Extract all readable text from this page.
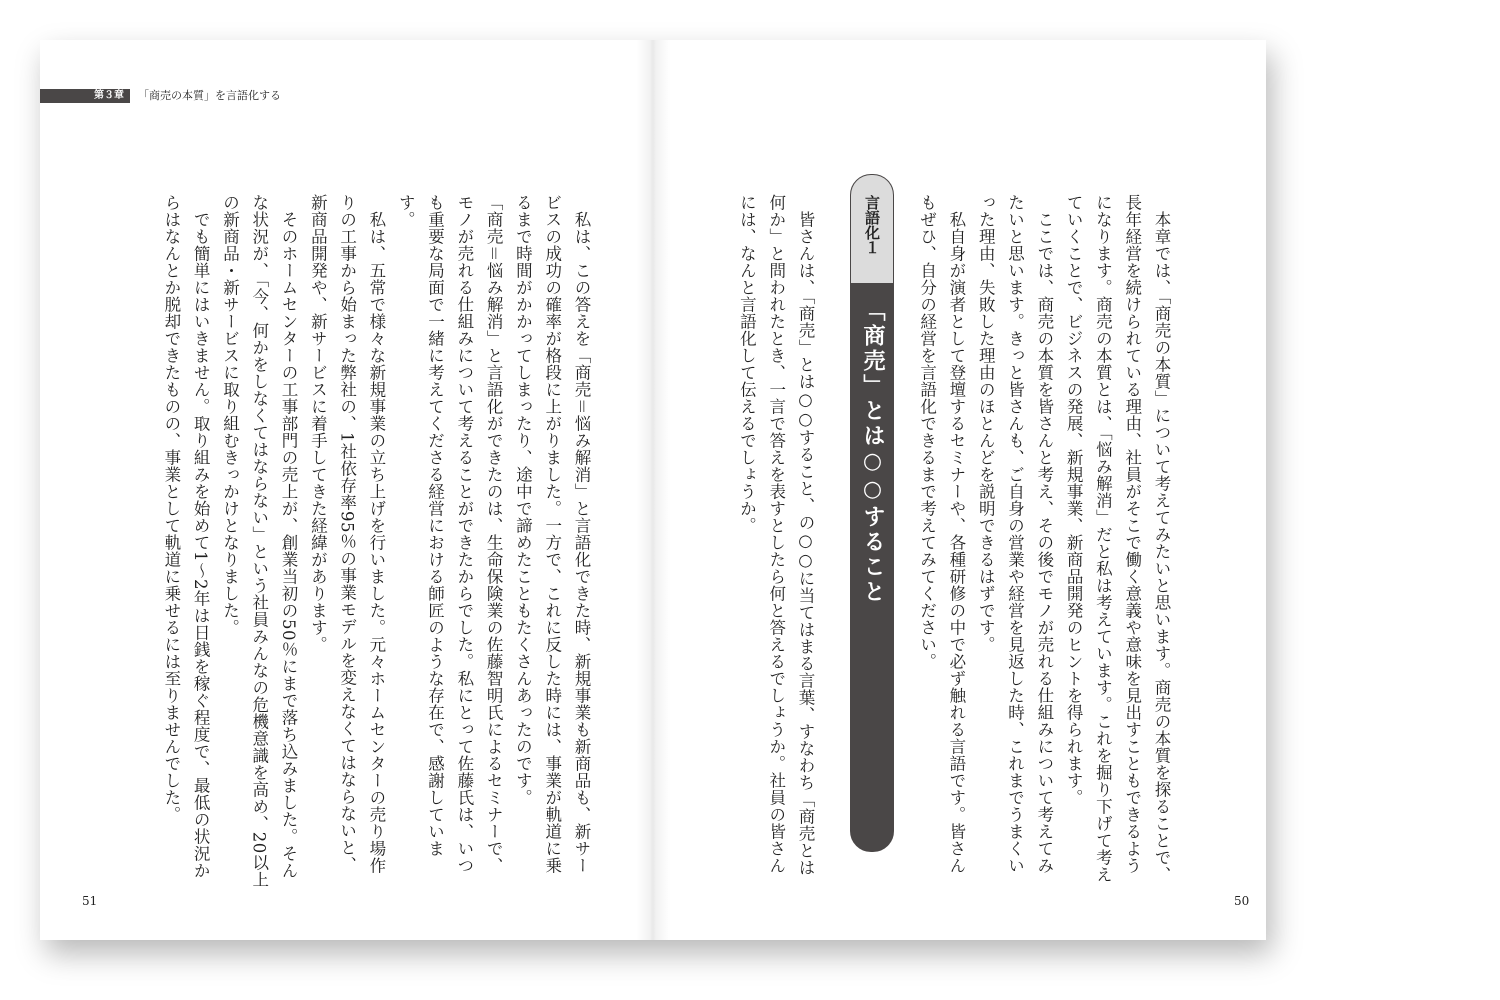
第３章 「商売の本質」を言語化する

私は、この答えを「商売＝悩み解消」と言語化できた時、新規事業も新商品も、新サービスの成功の確率が格段に上がりました。一方で、これに反した時には、事業が軌道に乗るまで時間がかかってしまったり、途中で諦めたこともたくさんあったのです。

「商売＝悩み解消」と言語化ができたのは、生命保険業の佐藤智明氏によるセミナーで、モノが売れる仕組みについて考えることができたからでした。私にとって佐藤氏は、いつも重要な局面で一緒に考えてくださる経営における師匠のような存在で、感謝しています。

私は、五常で様々な新規事業の立ち上げを行いました。元々ホームセンターの売り場作りの工事から始まった弊社の、1社依存率95％の事業モデルを変えなくてはならないと、新商品開発や、新サービスに着手してきた経緯があります。

そのホームセンターの工事部門の売上が、創業当初の50％にまで落ち込みました。そんな状況が、「今、何かをしなくてはならない」という社員みんなの危機意識を高め、20以上の新商品・新サービスに取り組むきっかけとなりました。

でも簡単にはいきません。取り組みを始めて1〜2年は日銭を稼ぐ程度で、最低の状況からはなんとか脱却できたものの、事業として軌道に乗せるには至りませんでした。

51

本章では、「商売の本質」について考えてみたいと思います。商売の本質を探ることで、長年経営を続けられている理由、社員がそこで働く意義や意味を見出すこともできるようになります。商売の本質とは、「悩み解消」だと私は考えています。これを掘り下げて考えていくことで、ビジネスの発展、新規事業、新商品開発のヒントを得られます。

ここでは、商売の本質を皆さんと考え、その後でモノが売れる仕組みについて考えてみたいと思います。きっと皆さんも、ご自身の営業や経営を見返した時、これまでうまくいった理由、失敗した理由のほとんどを説明できるはずです。

私自身が演者として登壇するセミナーや、各種研修の中で必ず触れる言語です。皆さんもぜひ、自分の経営を言語化できるまで考えてみてください。

皆さんは、「商売」とは○○すること、の○○に当てはまる言葉、すなわち「商売とは何か」と問われたとき、一言で答えを表すとしたら何と答えるでしょうか。社員の皆さんには、なんと言語化して伝えるでしょうか。

50
言語化１
「商売」とは○○すること
